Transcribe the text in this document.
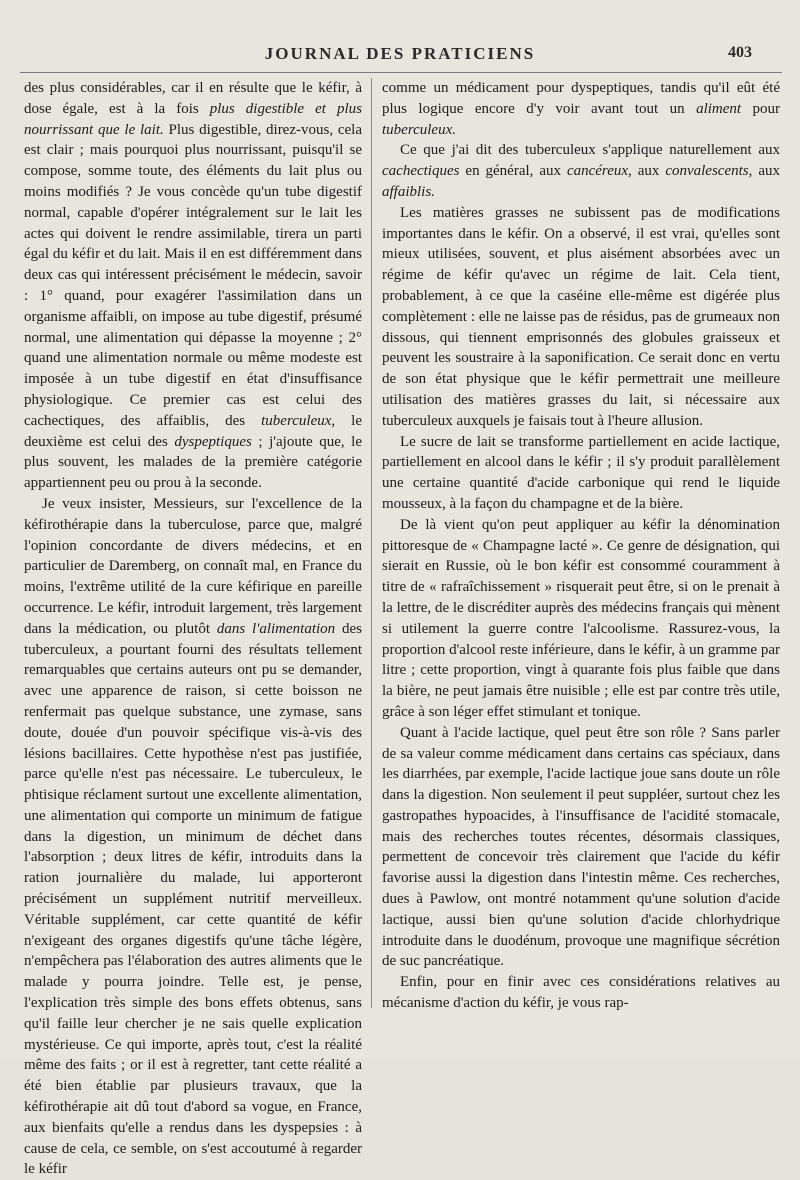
JOURNAL DES PRATICIENS	403

des plus considérables, car il en résulte que le kéfir, à dose égale, est à la fois plus digestible et plus nourrissant que le lait. Plus digestible, direz-vous, cela est clair ; mais pourquoi plus nourrissant, puisqu'il se compose, somme toute, des éléments du lait plus ou moins modifiés ? Je vous concède qu'un tube digestif normal, capable d'opérer intégralement sur le lait les actes qui doivent le rendre assimilable, tirera un parti égal du kéfir et du lait. Mais il en est différemment dans deux cas qui intéressent précisément le médecin, savoir : 1° quand, pour exagérer l'assimilation dans un organisme affaibli, on impose au tube digestif, présumé normal, une alimentation qui dépasse la moyenne ; 2° quand une alimentation normale ou même modeste est imposée à un tube digestif en état d'insuffisance physiologique. Ce premier cas est celui des cachectiques, des affaiblis, des tuberculeux, le deuxième est celui des dyspeptiques ; j'ajoute que, le plus souvent, les malades de la première catégorie appartiennent peu ou prou à la seconde.

Je veux insister, Messieurs, sur l'excellence de la kéfirothérapie dans la tuberculose, parce que, malgré l'opinion concordante de divers médecins, et en particulier de Daremberg, on connaît mal, en France du moins, l'extrême utilité de la cure kéfirique en pareille occurrence. Le kéfir, introduit largement, très largement dans la médication, ou plutôt dans l'alimentation des tuberculeux, a pourtant fourni des résultats tellement remarquables que certains auteurs ont pu se demander, avec une apparence de raison, si cette boisson ne renfermait pas quelque substance, une zymase, sans doute, douée d'un pouvoir spécifique vis-à-vis des lésions bacillaires. Cette hypothèse n'est pas justifiée, parce qu'elle n'est pas nécessaire. Le tuberculeux, le phtisique réclament surtout une excellente alimentation, une alimentation qui comporte un minimum de fatigue dans la digestion, un minimum de déchet dans l'absorption ; deux litres de kéfir, introduits dans la ration journalière du malade, lui apporteront précisément un supplément nutritif merveilleux. Véritable supplément, car cette quantité de kéfir n'exigeant des organes digestifs qu'une tâche légère, n'empêchera pas l'élaboration des autres aliments que le malade y pourra joindre. Telle est, je pense, l'explication très simple des bons effets obtenus, sans qu'il faille leur chercher je ne sais quelle explication mystérieuse. Ce qui importe, après tout, c'est la réalité même des faits ; or il est à regretter, tant cette réalité a été bien établie par plusieurs travaux, que la kéfirothérapie ait dû tout d'abord sa vogue, en France, aux bienfaits qu'elle a rendus dans les dyspepsies : à cause de cela, ce semble, on s'est accoutumé à regarder le kéfir

comme un médicament pour dyspeptiques, tandis qu'il eût été plus logique encore d'y voir avant tout un aliment pour tuberculeux.

Ce que j'ai dit des tuberculeux s'applique naturellement aux cachectiques en général, aux cancéreux, aux convalescents, aux affaiblis.

Les matières grasses ne subissent pas de modifications importantes dans le kéfir. On a observé, il est vrai, qu'elles sont mieux utilisées, souvent, et plus aisément absorbées avec un régime de kéfir qu'avec un régime de lait. Cela tient, probablement, à ce que la caséine elle-même est digérée plus complètement : elle ne laisse pas de résidus, pas de grumeaux non dissous, qui tiennent emprisonnés des globules graisseux et peuvent les soustraire à la saponification. Ce serait donc en vertu de son état physique que le kéfir permettrait une meilleure utilisation des matières grasses du lait, si nécessaire aux tuberculeux auxquels je faisais tout à l'heure allusion.

Le sucre de lait se transforme partiellement en acide lactique, partiellement en alcool dans le kéfir ; il s'y produit parallèlement une certaine quantité d'acide carbonique qui rend le liquide mousseux, à la façon du champagne et de la bière.

De là vient qu'on peut appliquer au kéfir la dénomination pittoresque de « Champagne lacté ». Ce genre de désignation, qui sierait en Russie, où le bon kéfir est consommé couramment à titre de « rafraîchissement » risquerait peut être, si on le prenait à la lettre, de le discréditer auprès des médecins français qui mènent si utilement la guerre contre l'alcoolisme. Rassurez-vous, la proportion d'alcool reste inférieure, dans le kéfir, à un gramme par litre ; cette proportion, vingt à quarante fois plus faible que dans la bière, ne peut jamais être nuisible ; elle est par contre très utile, grâce à son léger effet stimulant et tonique.

Quant à l'acide lactique, quel peut être son rôle ? Sans parler de sa valeur comme médicament dans certains cas spéciaux, dans les diarrhées, par exemple, l'acide lactique joue sans doute un rôle dans la digestion. Non seulement il peut suppléer, surtout chez les gastropathes hypoacides, à l'insuffisance de l'acidité stomacale, mais des recherches toutes récentes, désormais classiques, permettent de concevoir très clairement que l'acide du kéfir favorise aussi la digestion dans l'intestin même. Ces recherches, dues à Pawlow, ont montré notamment qu'une solution d'acide lactique, aussi bien qu'une solution d'acide chlorhydrique introduite dans le duodénum, provoque une magnifique sécrétion de suc pancréatique.

Enfin, pour en finir avec ces considérations relatives au mécanisme d'action du kéfir, je vous rap-
